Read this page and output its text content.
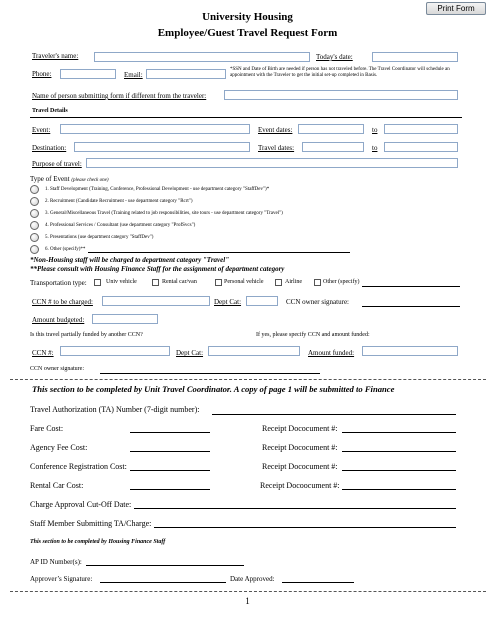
Print Form
University Housing
Employee/Guest Travel Request Form
Traveler's name:	Today's date:
Phone:	Email:
*SSN and Date of Birth are needed if person has not traveled before. The Travel Coordinator will schedule an appointment with the Traveler to get the initial set-up completed in Basis.
Name of person submitting form if different from the traveler:
Travel Details
Event:	Event dates:	to
Destination:	Travel dates:	to
Purpose of travel:
Type of Event (please check one)
1. Staff Development (Training, Conference, Professional Development - use department category "StaffDev")*
2. Recruitment (Candidate Recruitment - use department category "Rcrt")
3. General/Miscellaneous Travel (Training related to job responsibilities, site tours - use department category "Travel")
4. Professional Services / Consultant (use department category "ProfSvcs")
5. Presentations (use department category "StaffDev")
6. Other (specify)**
*Non-Housing staff will be charged to department category "Travel"
**Please consult with Housing Finance Staff for the assignment of department category
Transportation type:	Univ vehicle	Rental car/van	Personal vehicle	Airline	Other (specify)
CCN # to be charged:	Dept Cat:	CCN owner signature:
Amount budgeted:
Is this travel partially funded by another CCN?	If yes, please specify CCN and amount funded:
CCN #:	Dept Cat:	Amount funded:
CCN owner signature:
This section to be completed by Unit Travel Coordinator. A copy of page 1 will be submitted to Finance
Travel Authorization (TA) Number (7-digit number):
Fare Cost:	Receipt Dococument #:
Agency Fee Cost:	Receipt Dococument #:
Conference Registration Cost:	Receipt Dococument #:
Rental Car Cost:	Receipt Docoocument #:
Charge Approval Cut-Off Date:
Staff Member Submitting TA/Charge:
This section to be completed by Housing Finance Staff
AP ID Number(s):
Approver’s Signature:	Date Approved:
1
